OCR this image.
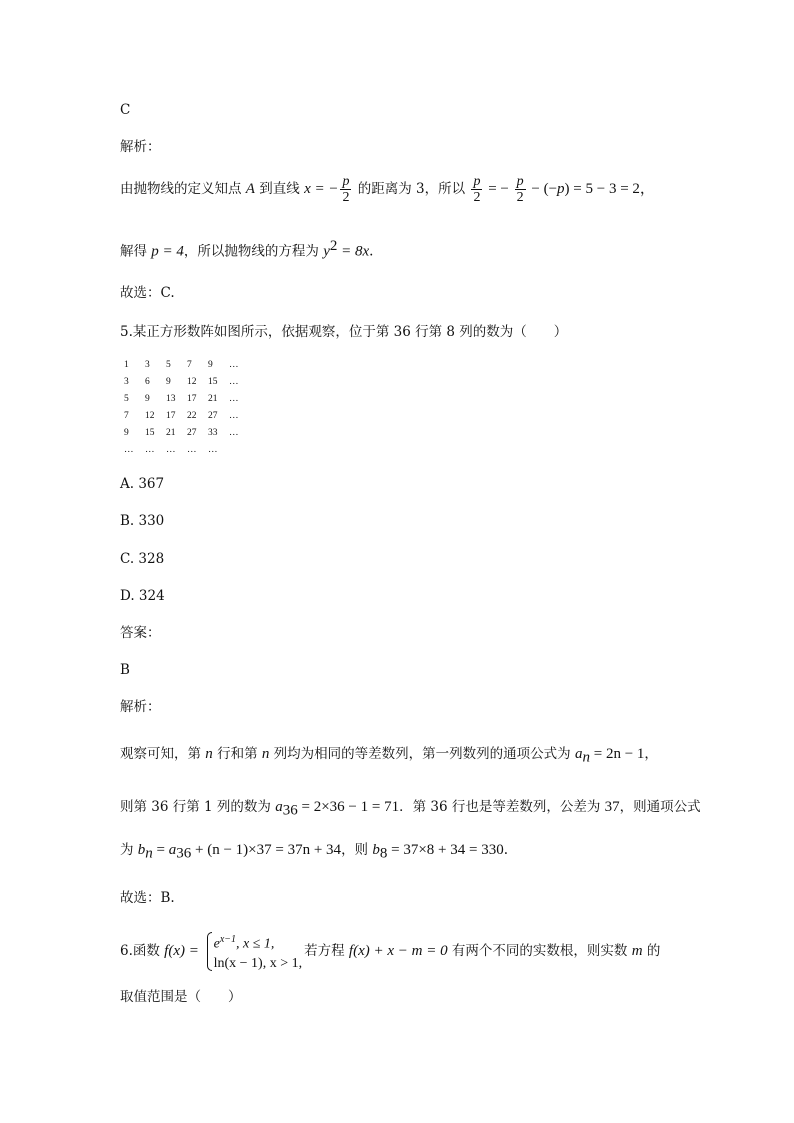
C
解析：
由抛物线的定义知点 A 到直线 x = − $\frac{p}{2}$ 的距离为 3，所以 $\frac{p}{2}$ = − $\frac{p}{2} - (-p) = 5 - 3 = 2$，
解得 p = 4，所以抛物线的方程为 $y^2 = 8x$.
故选：C.
5.某正方形数阵如图所示，依据观察，位于第 36 行第 8 列的数为（　　）
1	3	5	7	9	…
3	6	9	12	15	…
5	9	13	17	21	…
7	12	17	22	27	…
9	15	21	27	33	…
…	…	…	…	…	
A. 367
B. 330
C. 328
D. 324
答案：
B
解析：
观察可知，第 n 行和第 n 列均为相同的等差数列，第一列数列的通项公式为 $a_n = 2n - 1$，
则第 36 行第 1 列的数为 $a_{36} = 2\times 36 - 1 = 71$．第 36 行也是等差数列，公差为 37，则通项公式
为 $b_n = a_{36} + (n - 1)\times 37 = 37n + 34$，则 $b_8 = 37\times 8 + 34 = 330$.
故选：B.
6.函数 $f(x) = e^{x-1}$, x ≤ 1,
ln(x − 1), x > 1,
若方程 f(x) + x − m = 0 有两个不同的实数根，则实数 m 的
取值范围是（　　）
